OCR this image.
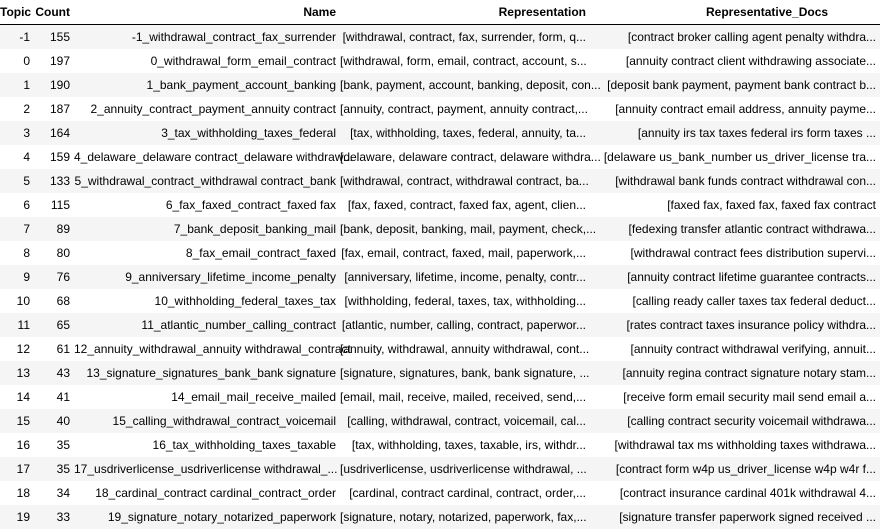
Topic	Count	Name	Representation	Representative_Docs
-1	155	-1_withdrawal_contract_fax_surrender	[withdrawal, contract, fax, surrender, form, q...	[contract broker calling agent penalty withdra...
0	197	0_withdrawal_form_email_contract	[withdrawal, form, email, contract, account, s...	[annuity contract client withdrawing associate...
1	190	1_bank_payment_account_banking	[bank, payment, account, banking, deposit, con...	[deposit bank payment, payment bank contract b...
2	187	2_annuity_contract_payment_annuity contract	[annuity, contract, payment, annuity contract,...	[annuity contract email address, annuity payme...
3	164	3_tax_withholding_taxes_federal	[tax, withholding, taxes, federal, annuity, ta...	[annuity irs tax taxes federal irs form taxes ...
4	159	4_delaware_delaware contract_delaware withdraw...	[delaware, delaware contract, delaware withdra...	[delaware us_bank_number us_driver_license tra...
5	133	5_withdrawal_contract_withdrawal contract_bank	[withdrawal, contract, withdrawal contract, ba...	[withdrawal bank funds contract withdrawal con...
6	115	6_fax_faxed_contract_faxed fax	[fax, faxed, contract, faxed fax, agent, clien...	[faxed fax, faxed fax, faxed fax contract
7	89	7_bank_deposit_banking_mail	[bank, deposit, banking, mail, payment, check,...	[fedexing transfer atlantic contract withdrawa...
8	80	8_fax_email_contract_faxed	[fax, email, contract, faxed, mail, paperwork,...	[withdrawal contract fees distribution supervi...
9	76	9_anniversary_lifetime_income_penalty	[anniversary, lifetime, income, penalty, contr...	[annuity contract lifetime guarantee contracts...
10	68	10_withholding_federal_taxes_tax	[withholding, federal, taxes, tax, withholding...	[calling ready caller taxes tax federal deduct...
11	65	11_atlantic_number_calling_contract	[atlantic, number, calling, contract, paperwor...	[rates contract taxes insurance policy withdra...
12	61	12_annuity_withdrawal_annuity withdrawal_contract	[annuity, withdrawal, annuity withdrawal, cont...	[annuity contract withdrawal verifying, annuit...
13	43	13_signature_signatures_bank_bank signature	[signature, signatures, bank, bank signature, ...	[annuity regina contract signature notary stam...
14	41	14_email_mail_receive_mailed	[email, mail, receive, mailed, received, send,...	[receive form email security mail send email a...
15	40	15_calling_withdrawal_contract_voicemail	[calling, withdrawal, contract, voicemail, cal...	[calling contract security voicemail withdrawa...
16	35	16_tax_withholding_taxes_taxable	[tax, withholding, taxes, taxable, irs, withdr...	[withdrawal tax ms withholding taxes withdrawa...
17	35	17_usdriverlicense_usdriverlicense withdrawal_...	[usdriverlicense, usdriverlicense withdrawal, ...	[contract form w4p us_driver_license w4p w4r f...
18	34	18_cardinal_contract cardinal_contract_order	[cardinal, contract cardinal, contract, order,...	[contract insurance cardinal 401k withdrawal 4...
19	33	19_signature_notary_notarized_paperwork	[signature, notary, notarized, paperwork, fax,...	[signature transfer paperwork signed received ...
